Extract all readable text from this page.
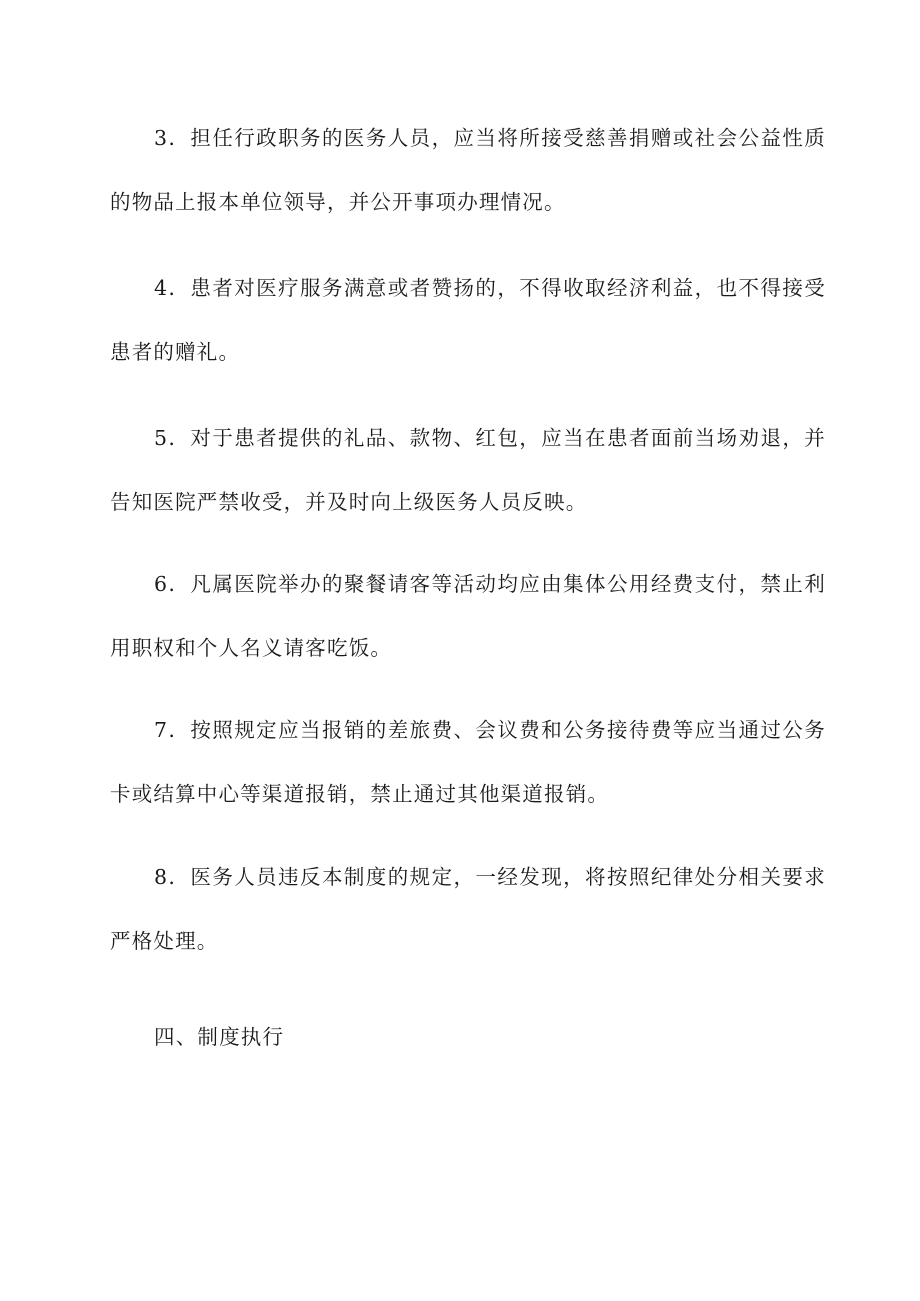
3．担任行政职务的医务人员，应当将所接受慈善捐赠或社会公益性质的物品上报本单位领导，并公开事项办理情况。

4．患者对医疗服务满意或者赞扬的，不得收取经济利益，也不得接受患者的赠礼。

5．对于患者提供的礼品、款物、红包，应当在患者面前当场劝退，并告知医院严禁收受，并及时向上级医务人员反映。

6．凡属医院举办的聚餐请客等活动均应由集体公用经费支付，禁止利用职权和个人名义请客吃饭。

7．按照规定应当报销的差旅费、会议费和公务接待费等应当通过公务卡或结算中心等渠道报销，禁止通过其他渠道报销。

8．医务人员违反本制度的规定，一经发现，将按照纪律处分相关要求严格处理。

四、制度执行
